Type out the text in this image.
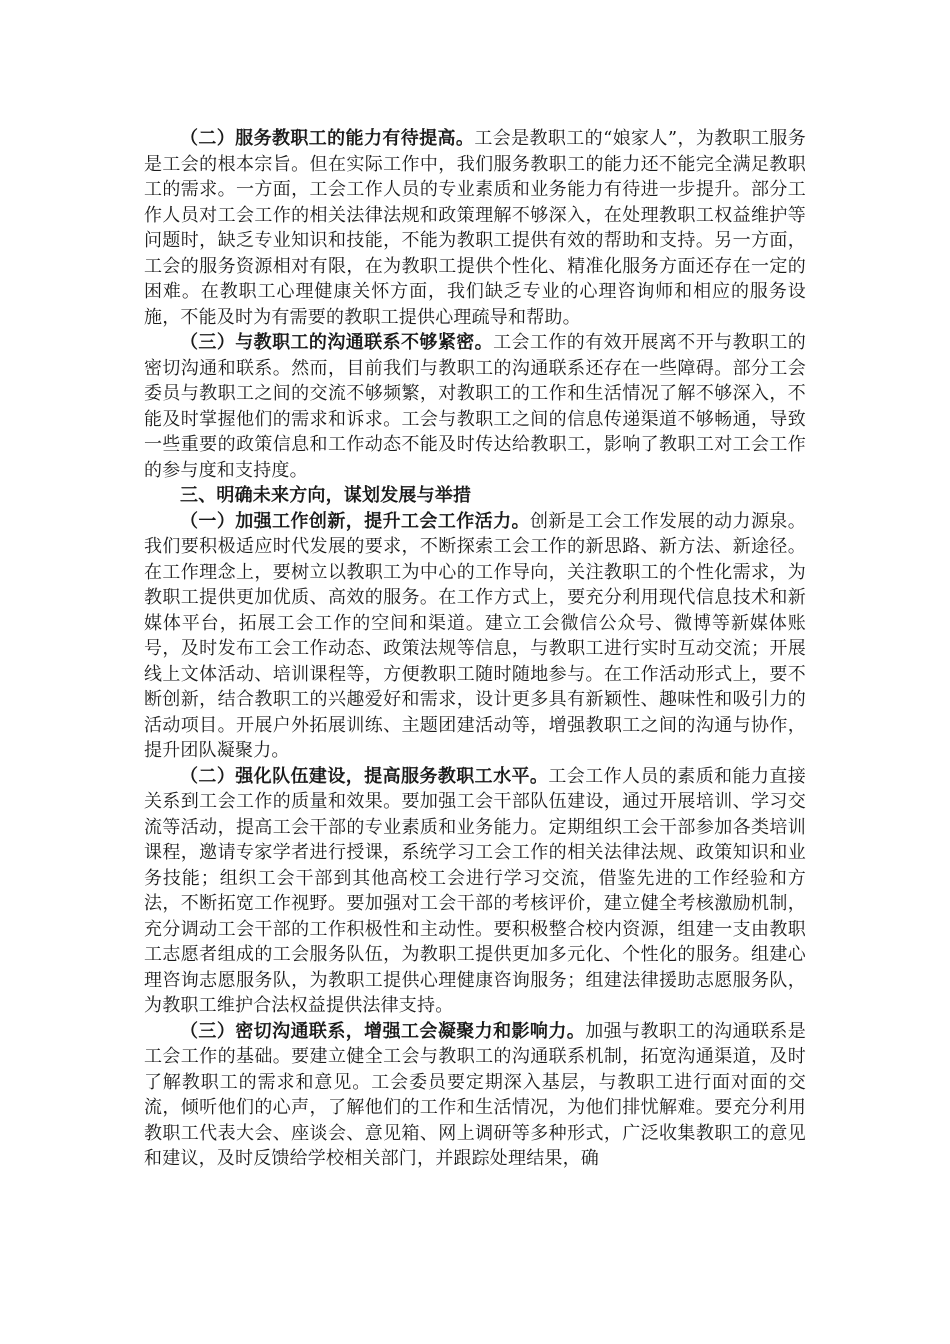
（二）服务教职工的能力有待提高。工会是教职工的“娘家人”，为教职工服务是工会的根本宗旨。但在实际工作中，我们服务教职工的能力还不能完全满足教职工的需求。一方面，工会工作人员的专业素质和业务能力有待进一步提升。部分工作人员对工会工作的相关法律法规和政策理解不够深入，在处理教职工权益维护等问题时，缺乏专业知识和技能，不能为教职工提供有效的帮助和支持。另一方面，工会的服务资源相对有限，在为教职工提供个性化、精准化服务方面还存在一定的困难。在教职工心理健康关怀方面，我们缺乏专业的心理咨询师和相应的服务设施，不能及时为有需要的教职工提供心理疏导和帮助。

（三）与教职工的沟通联系不够紧密。工会工作的有效开展离不开与教职工的密切沟通和联系。然而，目前我们与教职工的沟通联系还存在一些障碍。部分工会委员与教职工之间的交流不够频繁，对教职工的工作和生活情况了解不够深入，不能及时掌握他们的需求和诉求。工会与教职工之间的信息传递渠道不够畅通，导致一些重要的政策信息和工作动态不能及时传达给教职工，影响了教职工对工会工作的参与度和支持度。

三、明确未来方向，谋划发展与举措

（一）加强工作创新，提升工会工作活力。创新是工会工作发展的动力源泉。我们要积极适应时代发展的要求，不断探索工会工作的新思路、新方法、新途径。在工作理念上，要树立以教职工为中心的工作导向，关注教职工的个性化需求，为教职工提供更加优质、高效的服务。在工作方式上，要充分利用现代信息技术和新媒体平台，拓展工会工作的空间和渠道。建立工会微信公众号、微博等新媒体账号，及时发布工会工作动态、政策法规等信息，与教职工进行实时互动交流；开展线上文体活动、培训课程等，方便教职工随时随地参与。在工作活动形式上，要不断创新，结合教职工的兴趣爱好和需求，设计更多具有新颖性、趣味性和吸引力的活动项目。开展户外拓展训练、主题团建活动等，增强教职工之间的沟通与协作，提升团队凝聚力。

（二）强化队伍建设，提高服务教职工水平。工会工作人员的素质和能力直接关系到工会工作的质量和效果。要加强工会干部队伍建设，通过开展培训、学习交流等活动，提高工会干部的专业素质和业务能力。定期组织工会干部参加各类培训课程，邀请专家学者进行授课，系统学习工会工作的相关法律法规、政策知识和业务技能；组织工会干部到其他高校工会进行学习交流，借鉴先进的工作经验和方法，不断拓宽工作视野。要加强对工会干部的考核评价，建立健全考核激励机制，充分调动工会干部的工作积极性和主动性。要积极整合校内资源，组建一支由教职工志愿者组成的工会服务队伍，为教职工提供更加多元化、个性化的服务。组建心理咨询志愿服务队，为教职工提供心理健康咨询服务；组建法律援助志愿服务队，为教职工维护合法权益提供法律支持。

（三）密切沟通联系，增强工会凝聚力和影响力。加强与教职工的沟通联系是工会工作的基础。要建立健全工会与教职工的沟通联系机制，拓宽沟通渠道，及时了解教职工的需求和意见。工会委员要定期深入基层，与教职工进行面对面的交流，倾听他们的心声，了解他们的工作和生活情况，为他们排忧解难。要充分利用教职工代表大会、座谈会、意见箱、网上调研等多种形式，广泛收集教职工的意见和建议，及时反馈给学校相关部门，并跟踪处理结果，确
